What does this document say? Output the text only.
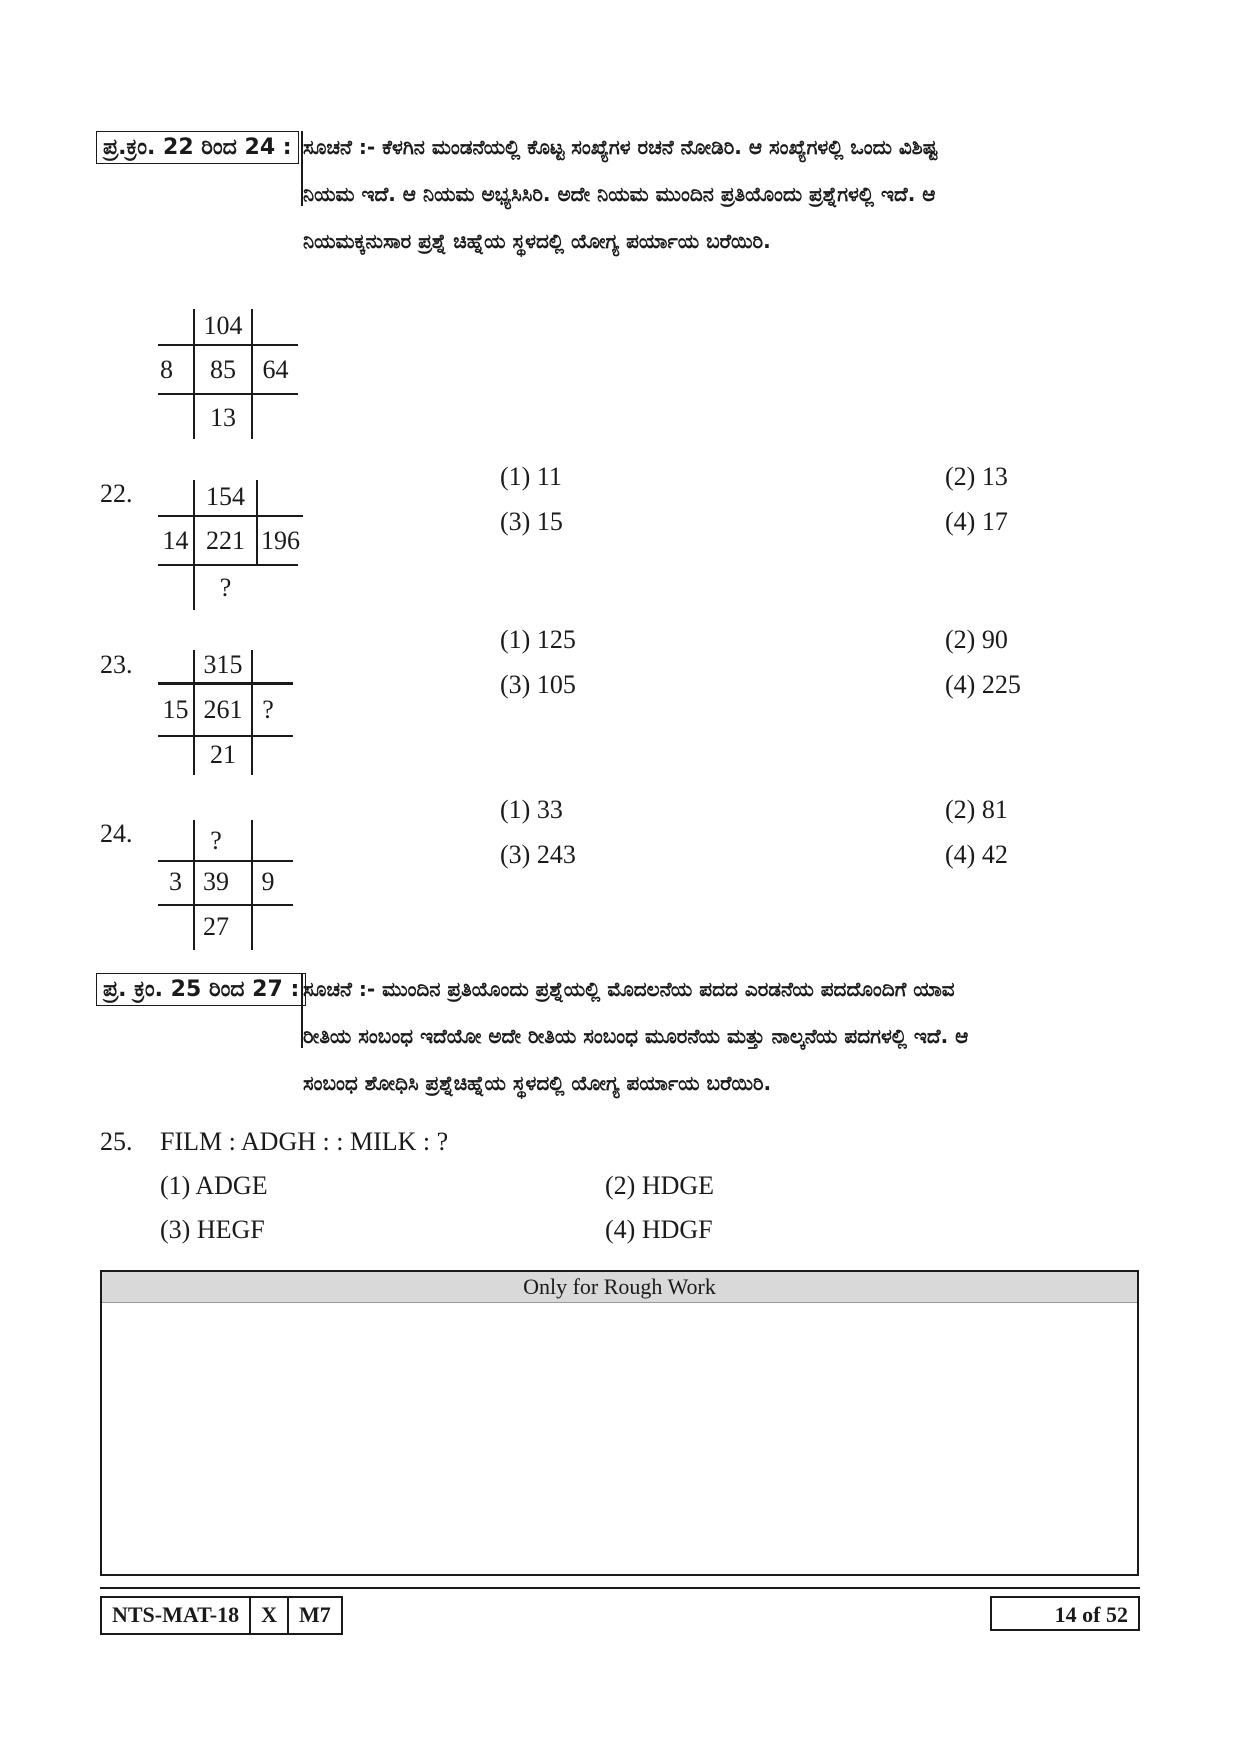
ಪ್ರ.ಕ್ರಂ. 22 ರಿಂದ 24 : ಸೂಚನೆ :- ಕೆಳಗಿನ ಮಂಡನೆಯಲ್ಲಿ ಕೊಟ್ಟ ಸಂಖ್ಯೆಗಳ ರಚನೆ ನೋಡಿರಿ. ಆ ಸಂಖ್ಯೆಗಳಲ್ಲಿ ಒಂದು ವಿಶಿಷ್ಟ
ನಿಯಮ ಇದೆ. ಆ ನಿಯಮ ಅಭ್ಯಸಿಸಿರಿ. ಅದೇ ನಿಯಮ ಮುಂದಿನ ಪ್ರತಿಯೊಂದು ಪ್ರಶ್ನೆಗಳಲ್ಲಿ ಇದೆ. ಆ
ನಿಯಮಕ್ಕನುಸಾರ ಪ್ರಶ್ನೆ ಚಿಹ್ನೆಯ ಸ್ಥಳದಲ್ಲಿ ಯೋಗ್ಯ ಪರ್ಯಾಯ ಬರೆಯಿರಿ.
104
8	85	64
13
22.	154
14 221 196
?
(1) 11	(2) 13
(3) 15	(4) 17
23.	315
15 261 ?
21
(1) 125	(2) 90
(3) 105	(4) 225
24.	?
3 39	9
27
(1) 33	(2) 81
(3) 243	(4) 42
ಪ್ರ. ಕ್ರಂ. 25 ರಿಂದ 27 : ಸೂಚನೆ :- ಮುಂದಿನ ಪ್ರತಿಯೊಂದು ಪ್ರಶ್ನೆಯಲ್ಲಿ ಮೊದಲನೆಯ ಪದದ ಎರಡನೆಯ ಪದದೊಂದಿಗೆ ಯಾವ
ರೀತಿಯ ಸಂಬಂಧ ಇದೆಯೋ ಅದೇ ರೀತಿಯ ಸಂಬಂಧ ಮೂರನೆಯ ಮತ್ತು ನಾಲ್ಕನೆಯ ಪದಗಳಲ್ಲಿ ಇದೆ. ಆ
ಸಂಬಂಧ ಶೋಧಿಸಿ ಪ್ರಶ್ನೆಚಿಹ್ನೆಯ ಸ್ಥಳದಲ್ಲಿ ಯೋಗ್ಯ ಪರ್ಯಾಯ ಬರೆಯಿರಿ.
25. FILM : ADGH : : MILK : ?
(1) ADGE	(2) HDGE
(3) HEGF	(4) HDGF
Only for Rough Work
NTS-MAT-18	X	M7	14 of 52
